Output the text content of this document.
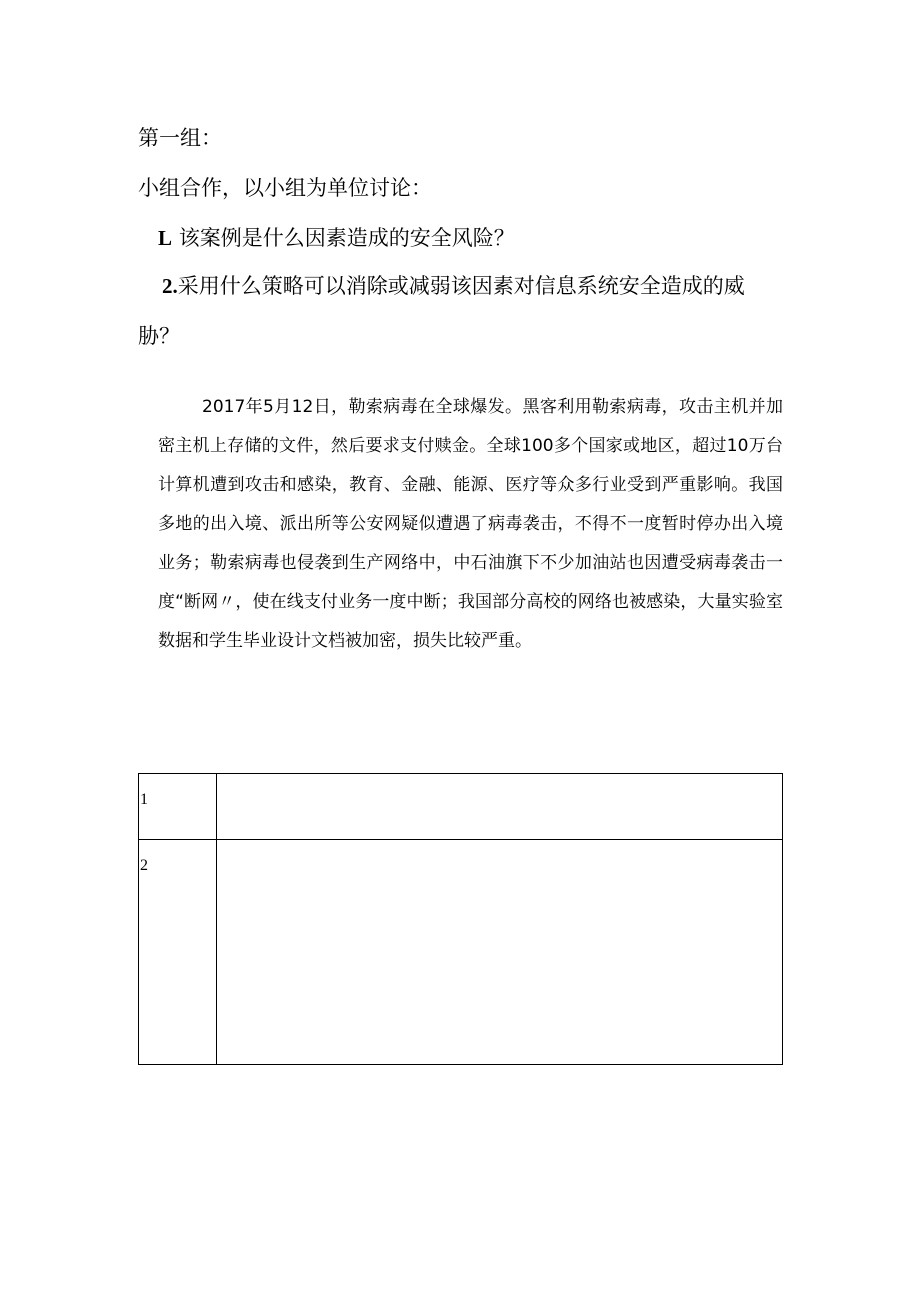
第一组：
小组合作，以小组为单位讨论：
L 该案例是什么因素造成的安全风险？
2.采用什么策略可以消除或减弱该因素对信息系统安全造成的威
胁？
2017年5月12日，勒索病毒在全球爆发。黑客利用勒索病毒，攻击主机并加密主机上存储的文件，然后要求支付赎金。全球100多个国家或地区，超过10万台计算机遭到攻击和感染，教育、金融、能源、医疗等众多行业受到严重影响。我国多地的出入境、派出所等公安网疑似遭遇了病毒袭击，不得不一度暂时停办出入境业务；勒索病毒也侵袭到生产网络中，中石油旗下不少加油站也因遭受病毒袭击一度“断网〃，使在线支付业务一度中断；我国部分高校的网络也被感染，大量实验室数据和学生毕业设计文档被加密，损失比较严重。
1	
2	
